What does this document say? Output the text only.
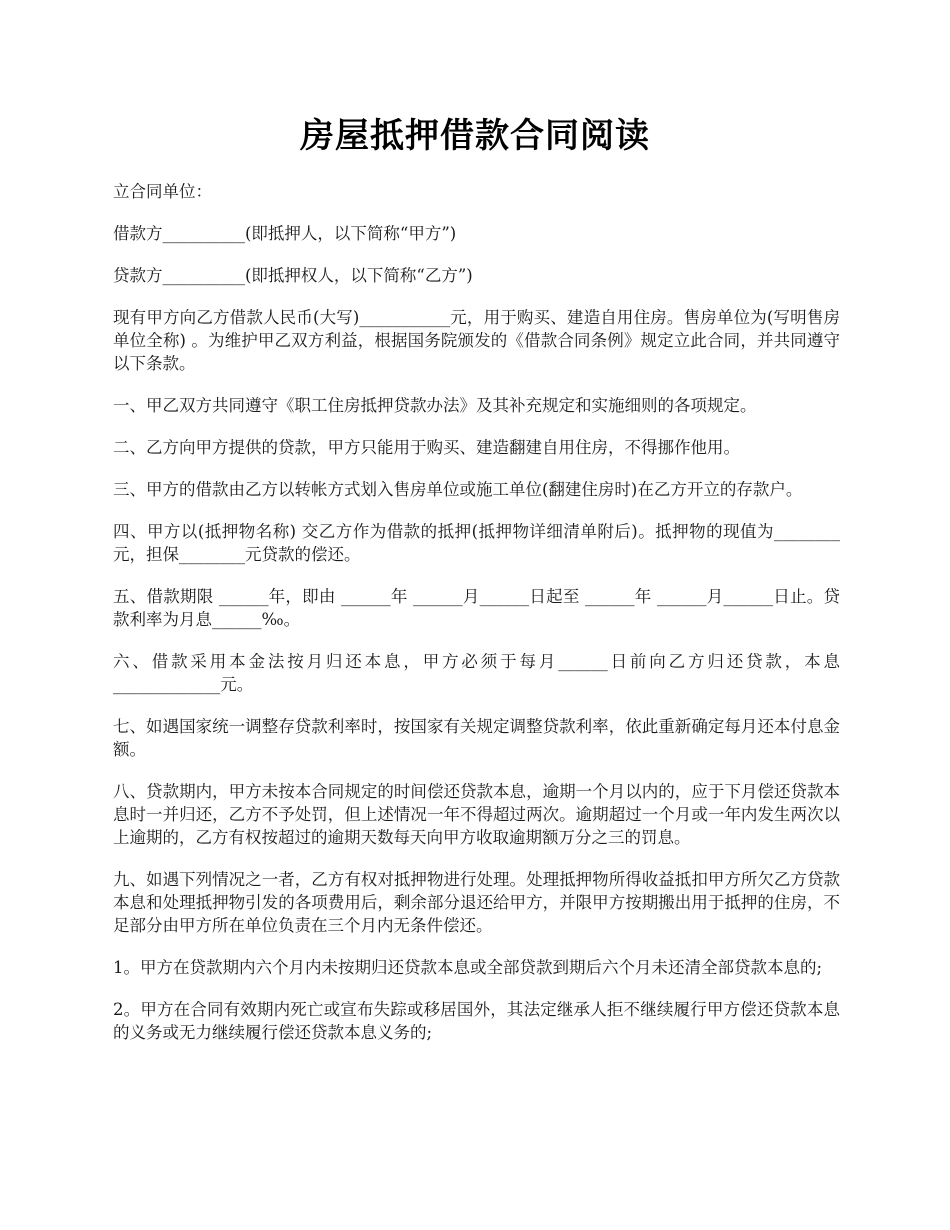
房屋抵押借款合同阅读

立合同单位：

借款方__________(即抵押人，以下简称“甲方”)

贷款方__________(即抵押权人，以下简称“乙方”)

现有甲方向乙方借款人民币(大写)___________元，用于购买、建造自用住房。售房单位为(写明售房单位全称) 。为维护甲乙双方利益，根据国务院颁发的《借款合同条例》规定立此合同，并共同遵守以下条款。

一、甲乙双方共同遵守《职工住房抵押贷款办法》及其补充规定和实施细则的各项规定。

二、乙方向甲方提供的贷款，甲方只能用于购买、建造翻建自用住房，不得挪作他用。

三、甲方的借款由乙方以转帐方式划入售房单位或施工单位(翻建住房时)在乙方开立的存款户。

四、甲方以(抵押物名称) 交乙方作为借款的抵押(抵押物详细清单附后)。抵押物的现值为________元，担保________元贷款的偿还。

五、借款期限 ______年，即由 ______年 ______月______日起至 ______年 ______月______日止。贷款利率为月息______‰。

六、借款采用本金法按月归还本息，甲方必须于每月______日前向乙方归还贷款，本息_____________元。

七、如遇国家统一调整存贷款利率时，按国家有关规定调整贷款利率，依此重新确定每月还本付息金额。

八、贷款期内，甲方未按本合同规定的时间偿还贷款本息，逾期一个月以内的，应于下月偿还贷款本息时一并归还，乙方不予处罚，但上述情况一年不得超过两次。逾期超过一个月或一年内发生两次以上逾期的，乙方有权按超过的逾期天数每天向甲方收取逾期额万分之三的罚息。

九、如遇下列情况之一者，乙方有权对抵押物进行处理。处理抵押物所得收益抵扣甲方所欠乙方贷款本息和处理抵押物引发的各项费用后，剩余部分退还给甲方，并限甲方按期搬出用于抵押的住房，不足部分由甲方所在单位负责在三个月内无条件偿还。

1。甲方在贷款期内六个月内未按期归还贷款本息或全部贷款到期后六个月未还清全部贷款本息的;

2。甲方在合同有效期内死亡或宣布失踪或移居国外，其法定继承人拒不继续履行甲方偿还贷款本息的义务或无力继续履行偿还贷款本息义务的;
